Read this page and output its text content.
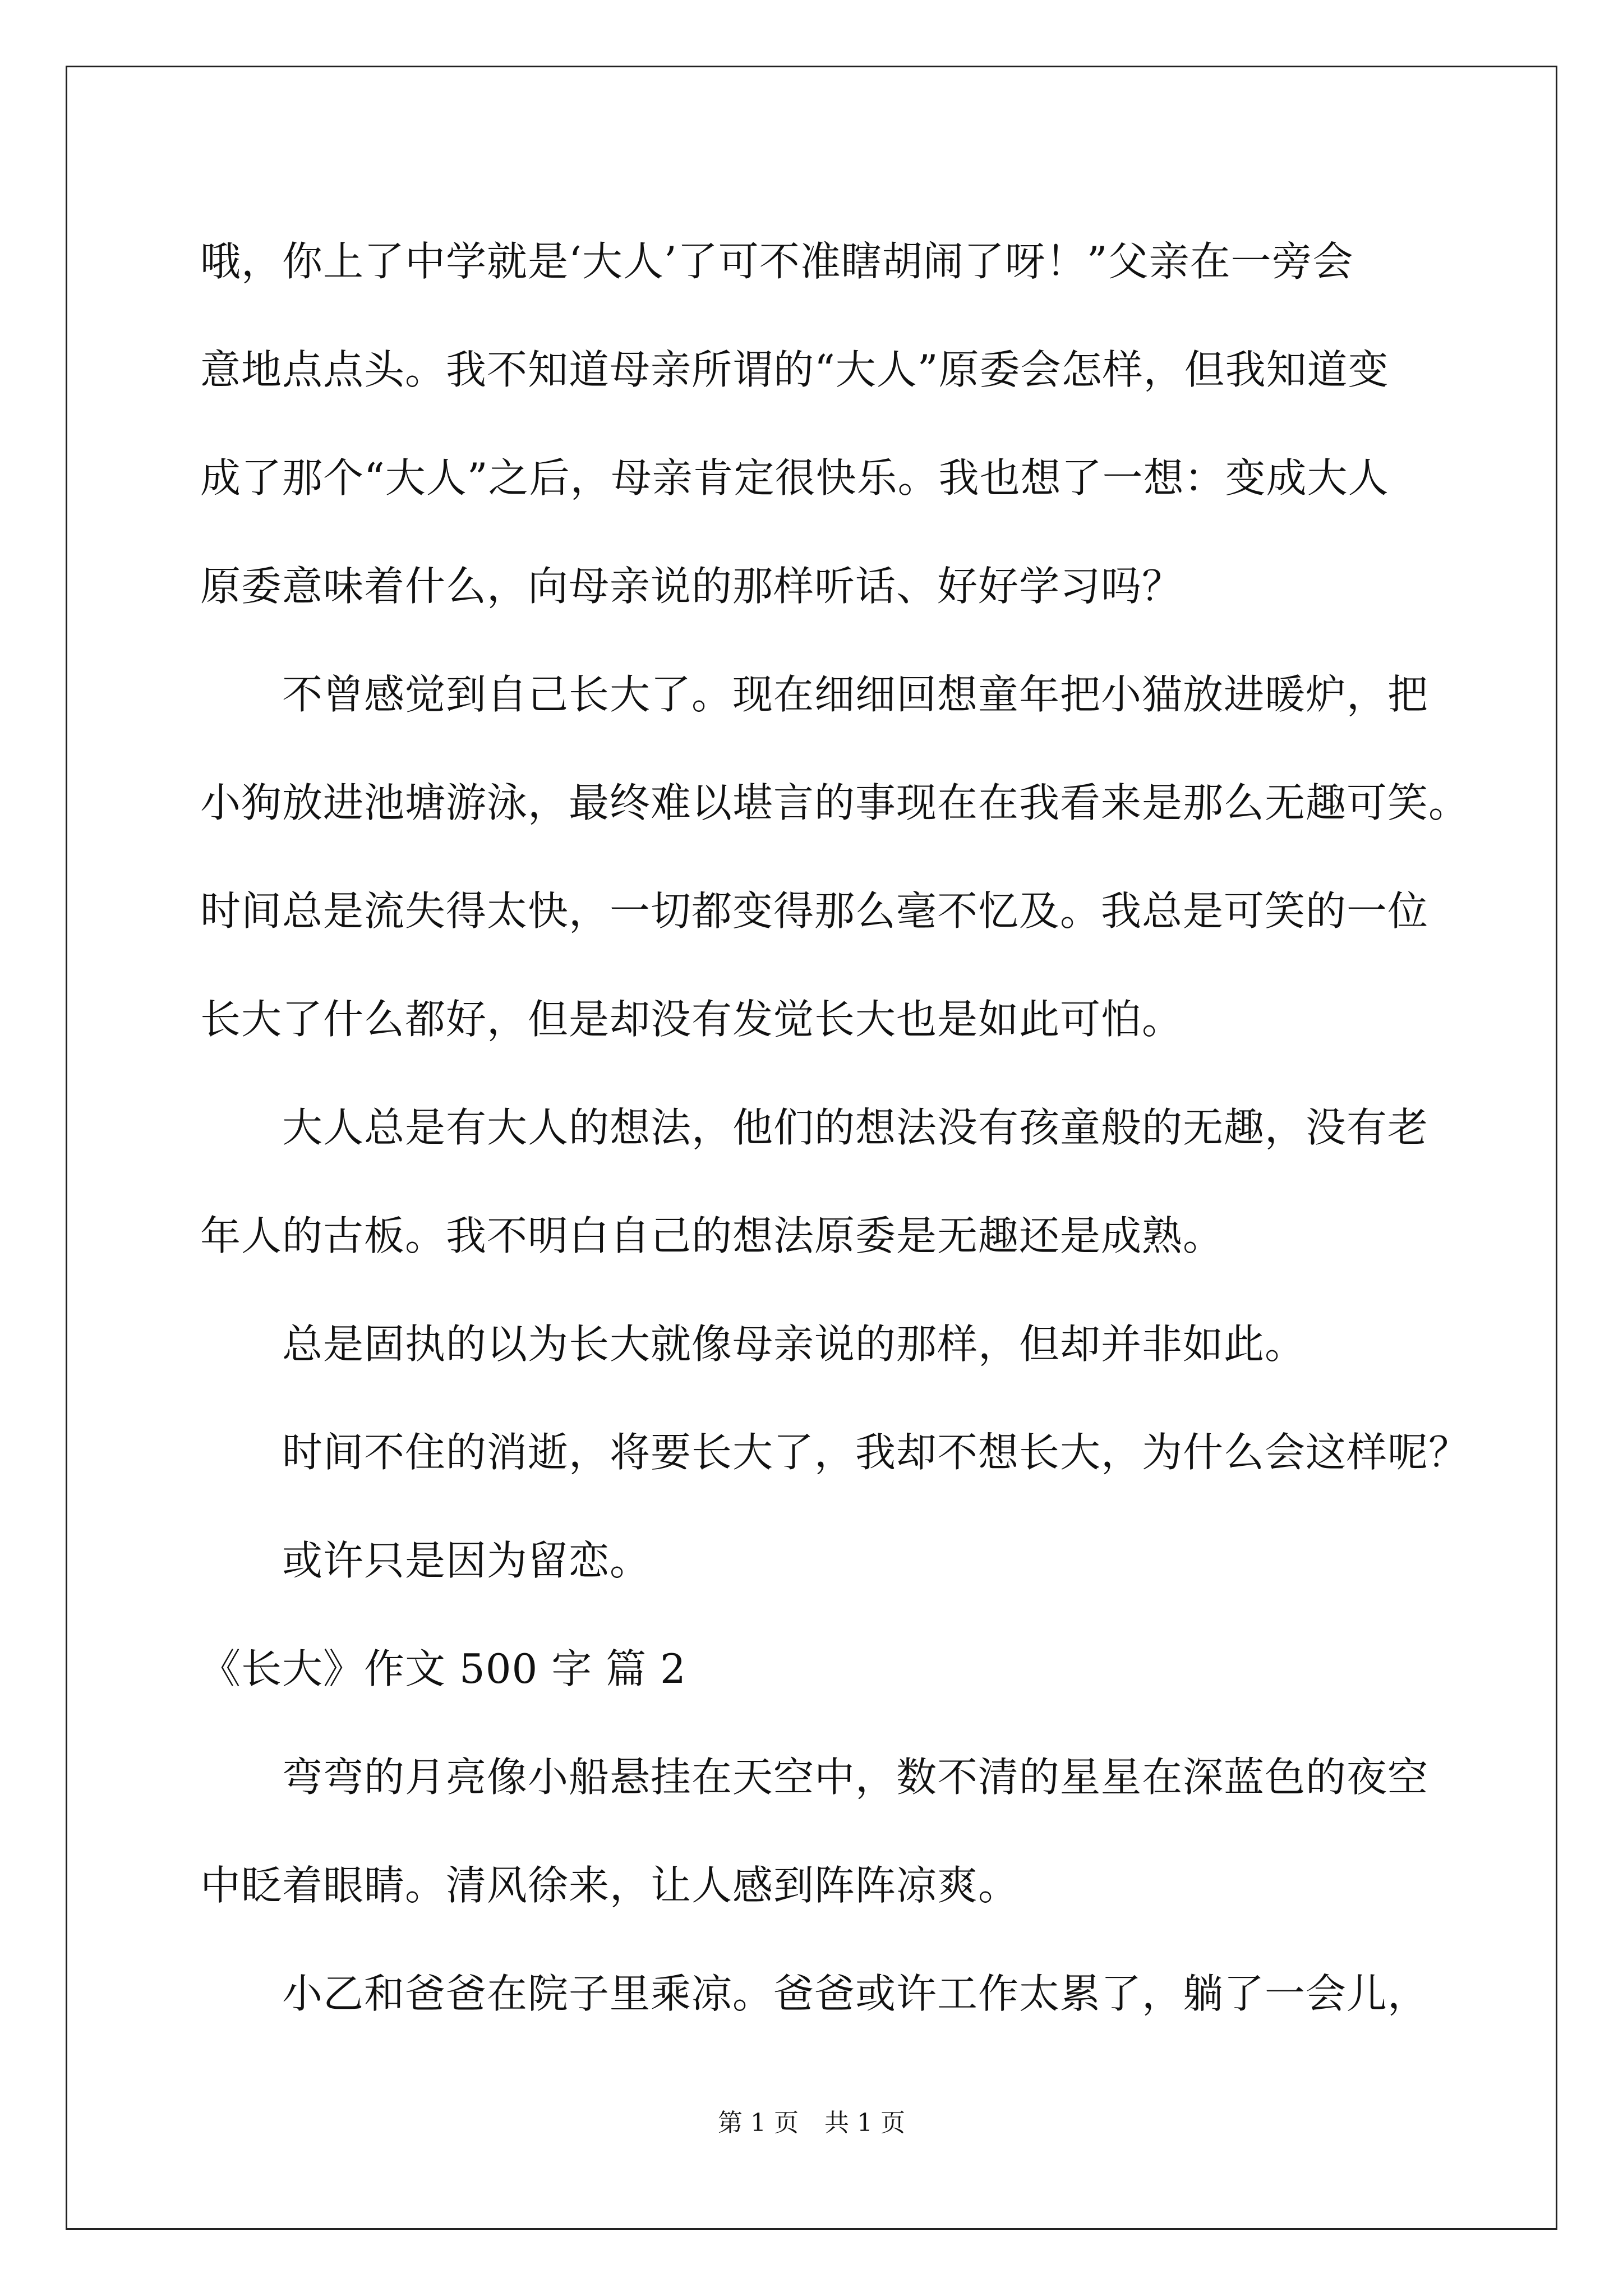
哦，你上了中学就是‘大人’了可不准瞎胡闹了呀！”父亲在一旁会
意地点点头。我不知道母亲所谓的“大人”原委会怎样，但我知道变
成了那个“大人”之后，母亲肯定很快乐。我也想了一想：变成大人
原委意味着什么，向母亲说的那样听话、好好学习吗？
不曾感觉到自己长大了。现在细细回想童年把小猫放进暖炉，把
小狗放进池塘游泳，最终难以堪言的事现在在我看来是那么无趣可笑。
时间总是流失得太快，一切都变得那么毫不忆及。我总是可笑的一位
长大了什么都好，但是却没有发觉长大也是如此可怕。
大人总是有大人的想法，他们的想法没有孩童般的无趣，没有老
年人的古板。我不明白自己的想法原委是无趣还是成熟。
总是固执的以为长大就像母亲说的那样，但却并非如此。
时间不住的消逝，将要长大了，我却不想长大，为什么会这样呢？
或许只是因为留恋。
《长大》作文 500 字 篇 2
弯弯的月亮像小船悬挂在天空中，数不清的星星在深蓝色的夜空
中眨着眼睛。清风徐来，让人感到阵阵凉爽。
小乙和爸爸在院子里乘凉。爸爸或许工作太累了，躺了一会儿，
第 1 页 共 1 页
